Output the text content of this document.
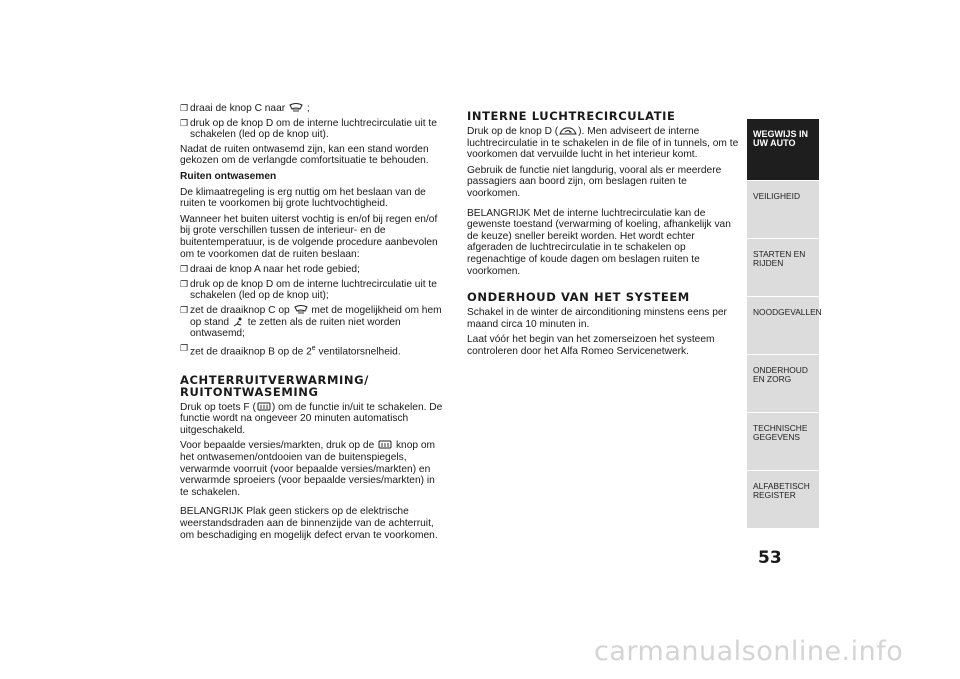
❐ draai de knop C naar ;
❐ druk op de knop D om de interne luchtrecirculatie uit te schakelen (led op de knop uit).

Nadat de ruiten ontwasemd zijn, kan een stand worden gekozen om de verlangde comfortsituatie te behouden.

Ruiten ontwasemen

De klimaatregeling is erg nuttig om het beslaan van de ruiten te voorkomen bij grote luchtvochtigheid.

Wanneer het buiten uiterst vochtig is en/of bij regen en/of bij grote verschillen tussen de interieur- en de buitentemperatuur, is de volgende procedure aanbevolen om te voorkomen dat de ruiten beslaan:

❐ draai de knop A naar het rode gebied;
❐ druk op de knop D om de interne luchtrecirculatie uit te schakelen (led op de knop uit);
❐ zet de draaiknop C op met de mogelijkheid om hem op stand te zetten als de ruiten niet worden ontwasemd;
❐ zet de draaiknop B op de 2e ventilatorsnelheid.
ACHTERRUITVERWARMING/ RUITONTWASEMING

Druk op toets F ( ) om de functie in/uit te schakelen. De functie wordt na ongeveer 20 minuten automatisch uitgeschakeld.

Voor bepaalde versies/markten, druk op de knop om het ontwasemen/ontdooien van de buitenspiegels, verwarmde voorruit (voor bepaalde versies/markten) en verwarmde sproeiers (voor bepaalde versies/markten) in te schakelen.

BELANGRIJK Plak geen stickers op de elektrische weerstandsdraden aan de binnenzijde van de achterruit, om beschadiging en mogelijk defect ervan te voorkomen.

INTERNE LUCHTRECIRCULATIE

Druk op de knop D ( ). Men adviseert de interne luchtrecirculatie in te schakelen in de file of in tunnels, om te voorkomen dat vervuilde lucht in het interieur komt.

Gebruik de functie niet langdurig, vooral als er meerdere passagiers aan boord zijn, om beslagen ruiten te voorkomen.

BELANGRIJK Met de interne luchtrecirculatie kan de gewenste toestand (verwarming of koeling, afhankelijk van de keuze) sneller bereikt worden. Het wordt echter afgeraden de luchtrecirculatie in te schakelen op regenachtige of koude dagen om beslagen ruiten te voorkomen.

ONDERHOUD VAN HET SYSTEEM

Schakel in de winter de airconditioning minstens eens per maand circa 10 minuten in.

Laat vóór het begin van het zomerseizoen het systeem controleren door het Alfa Romeo Servicenetwerk.

WEGWIJS IN UW AUTO
VEILIGHEID
STARTEN EN RIJDEN
NOODGEVALLEN
ONDERHOUD EN ZORG
TECHNISCHE GEGEVENS
ALFABETISCH REGISTER
53
carmanualsonline.info
